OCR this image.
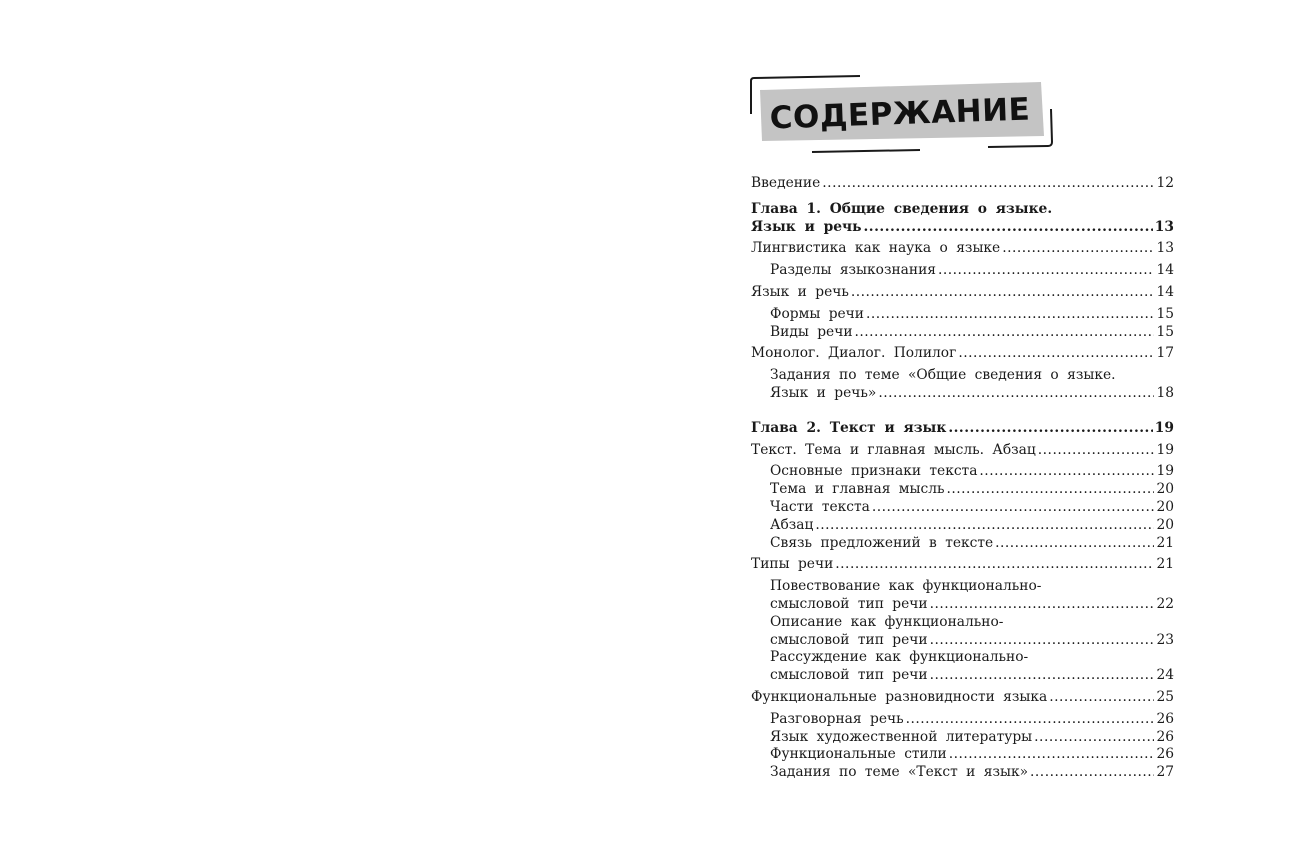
СОДЕРЖАНИЕ
Введение .....	12
Глава 1. Общие сведения о языке.
Язык и речь .....	13
Лингвистика как наука о языке .....	13
Разделы языкознания .....	14
Язык и речь .....	14
Формы речи .....	15
Виды речи .....	15
Монолог. Диалог. Полилог .....	17
Задания по теме «Общие сведения о языке.
Язык и речь» .....	18
Глава 2. Текст и язык .....	19
Текст. Тема и главная мысль. Абзац .....	19
Основные признаки текста .....	19
Тема и главная мысль .....	20
Части текста .....	20
Абзац .....	20
Связь предложений в тексте .....	21
Типы речи .....	21
Повествование как функционально-
смысловой тип речи .....	22
Описание как функционально-
смысловой тип речи .....	23
Рассуждение как функционально-
смысловой тип речи .....	24
Функциональные разновидности языка .....	25
Разговорная речь .....	26
Язык художественной литературы .....	26
Функциональные стили .....	26
Задания по теме «Текст и язык» .....	27
